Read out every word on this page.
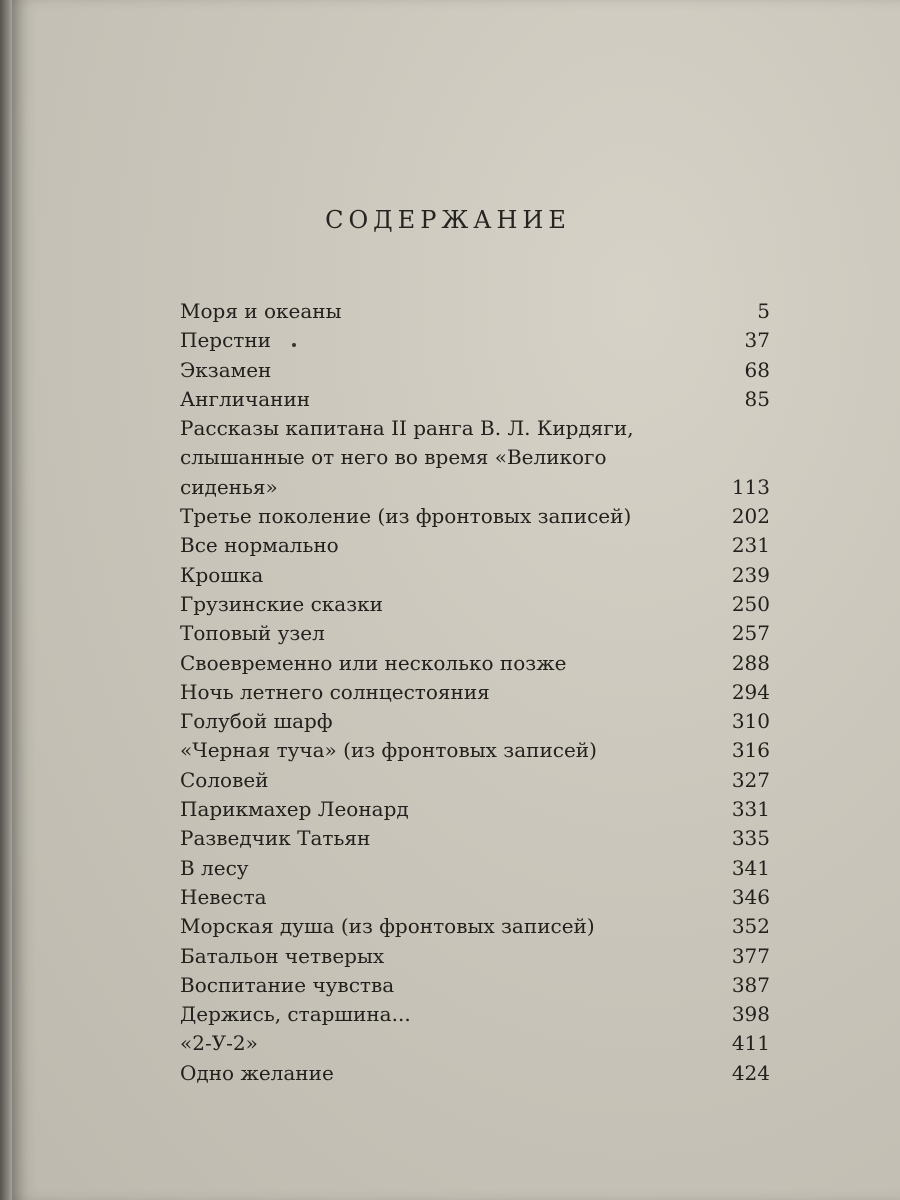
СОДЕРЖАНИЕ
Моря и океаны	5
Перстни	37
Экзамен	68
Англичанин	85
Рассказы капитана II ранга В. Л. Кирдяги, слышанные от него во время «Великого сиденья»	113
Третье поколение (из фронтовых записей)	202
Все нормально	231
Крошка	239
Грузинские сказки	250
Топовый узел	257
Своевременно или несколько позже	288
Ночь летнего солнцестояния	294
Голубой шарф	310
«Черная туча» (из фронтовых записей)	316
Соловей	327
Парикмахер Леонард	331
Разведчик Татьян	335
В лесу	341
Невеста	346
Морская душа (из фронтовых записей)	352
Батальон четверых	377
Воспитание чувства	387
Держись, старшина...	398
«2-У-2»	411
Одно желание	424
